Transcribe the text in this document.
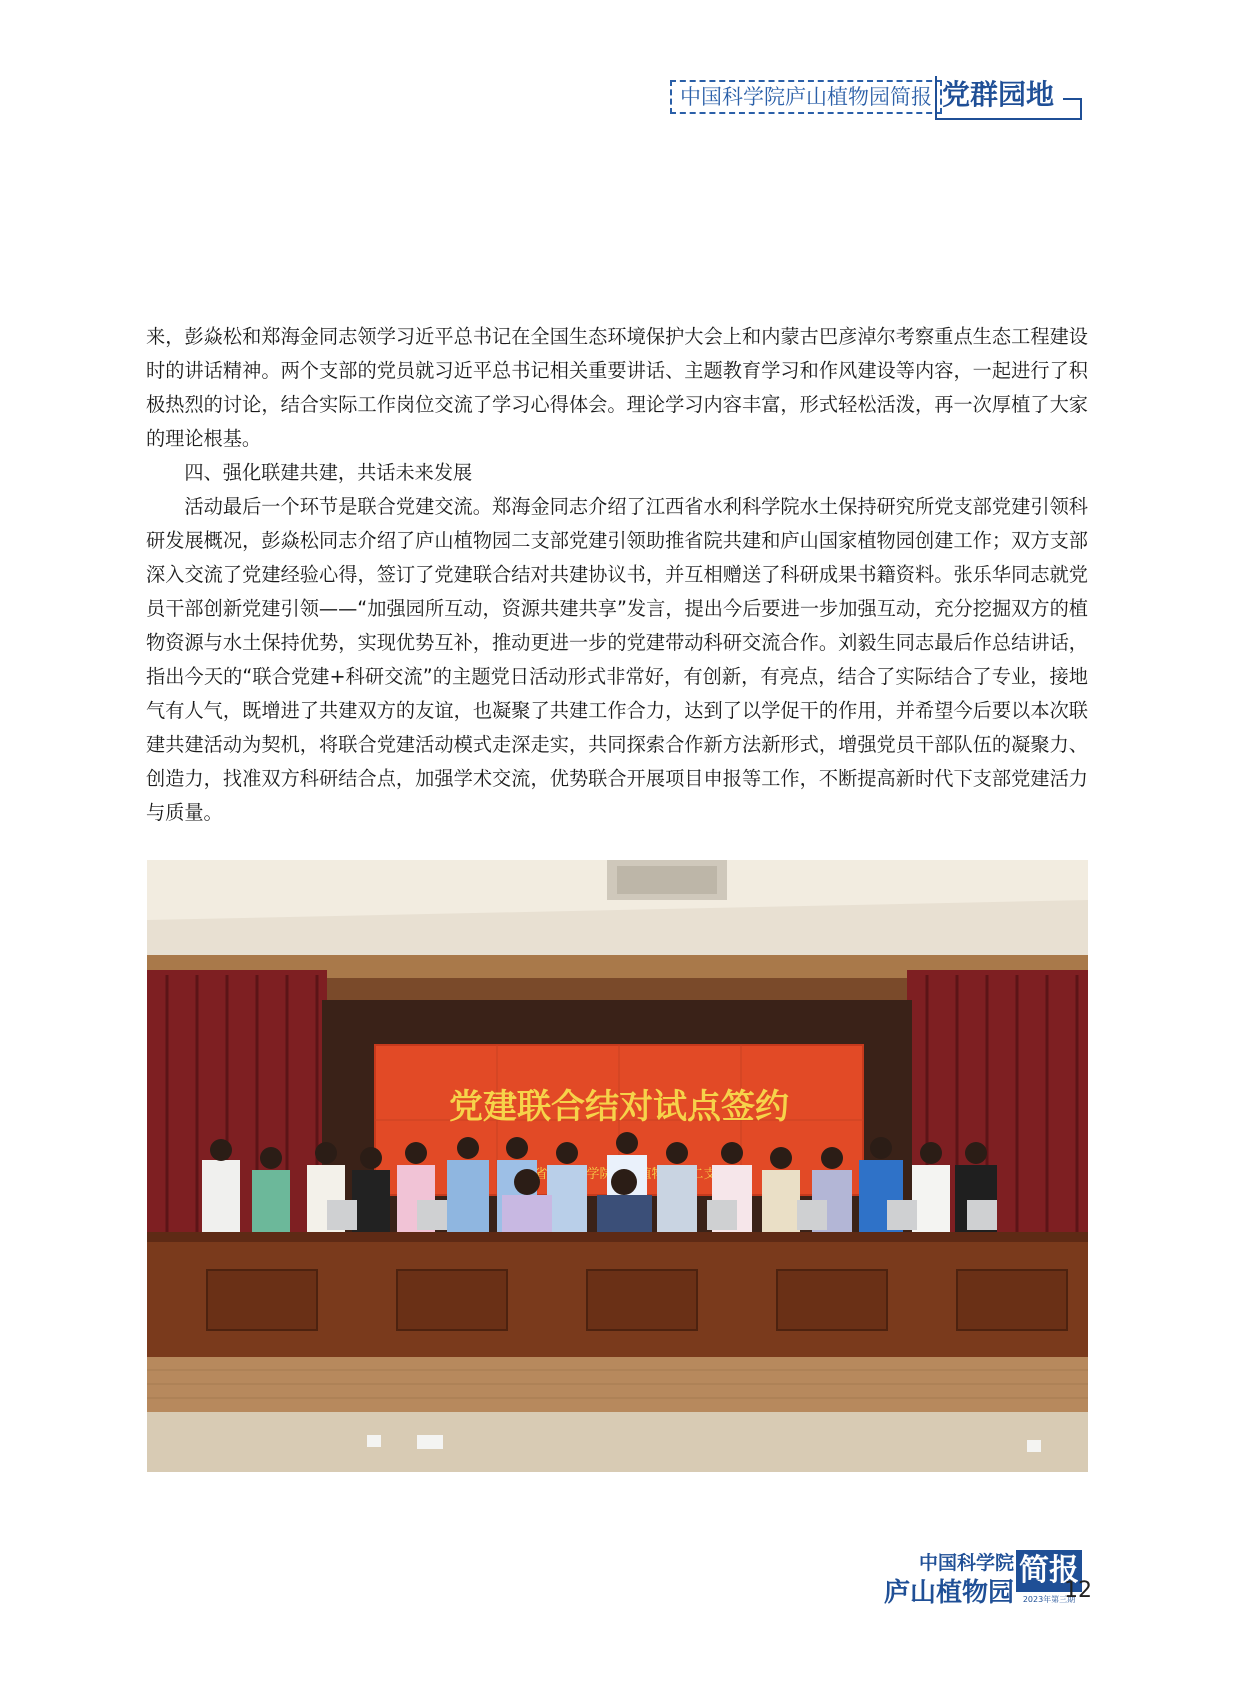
中国科学院庐山植物园简报 党群园地

来，彭焱松和郑海金同志领学习近平总书记在全国生态环境保护大会上和内蒙古巴彦淖尔考察重点生态工程建设时的讲话精神。两个支部的党员就习近平总书记相关重要讲话、主题教育学习和作风建设等内容，一起进行了积极热烈的讨论，结合实际工作岗位交流了学习心得体会。理论学习内容丰富，形式轻松活泼，再一次厚植了大家的理论根基。

四、强化联建共建，共话未来发展

活动最后一个环节是联合党建交流。郑海金同志介绍了江西省水利科学院水土保持研究所党支部党建引领科研发展概况，彭焱松同志介绍了庐山植物园二支部党建引领助推省院共建和庐山国家植物园创建工作；双方支部深入交流了党建经验心得，签订了党建联合结对共建协议书，并互相赠送了科研成果书籍资料。张乐华同志就党员干部创新党建引领——“加强园所互动，资源共建共享”发言，提出今后要进一步加强互动，充分挖掘双方的植物资源与水土保持优势，实现优势互补，推动更进一步的党建带动科研交流合作。刘毅生同志最后作总结讲话，指出今天的“联合党建+科研交流”的主题党日活动形式非常好，有创新，有亮点，结合了实际结合了专业，接地气有人气，既增进了共建双方的友谊，也凝聚了共建工作合力，达到了以学促干的作用，并希望今后要以本次联建共建活动为契机，将联合党建活动模式走深走实，共同探索合作新方法新形式，增强党员干部队伍的凝聚力、创造力，找准双方科研结合点，加强学术交流，优势联合开展项目申报等工作，不断提高新时代下支部党建活力与质量。

党建联合结对试点签约
中国科学院
庐山植物园
简报
2023年第三期
12
